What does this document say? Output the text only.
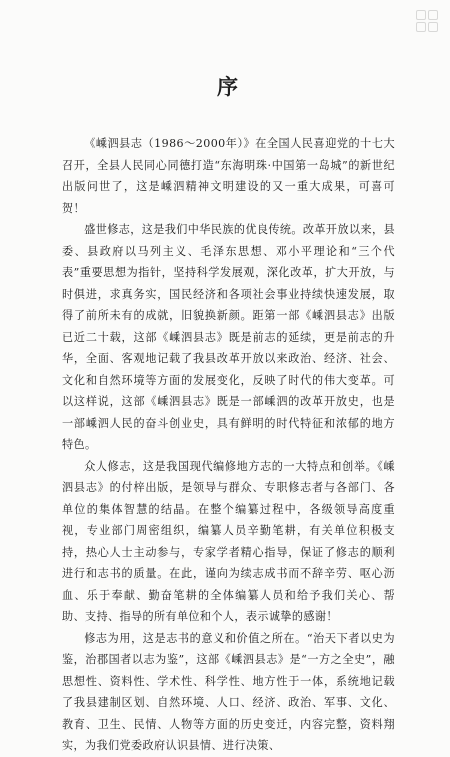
序

《嵊泗县志（1986～2000年）》在全国人民喜迎党的十七大召开，全县人民同心同德打造“东海明珠·中国第一岛城”的新世纪出版问世了，这是嵊泗精神文明建设的又一重大成果，可喜可贺！

盛世修志，这是我们中华民族的优良传统。改革开放以来，县委、县政府以马列主义、毛泽东思想、邓小平理论和“三个代表”重要思想为指针，坚持科学发展观，深化改革，扩大开放，与时俱进，求真务实，国民经济和各项社会事业持续快速发展，取得了前所未有的成就，旧貌换新颜。距第一部《嵊泗县志》出版已近二十载，这部《嵊泗县志》既是前志的延续，更是前志的升华，全面、客观地记载了我县改革开放以来政治、经济、社会、文化和自然环境等方面的发展变化，反映了时代的伟大变革。可以这样说，这部《嵊泗县志》既是一部嵊泗的改革开放史，也是一部嵊泗人民的奋斗创业史，具有鲜明的时代特征和浓郁的地方特色。

众人修志，这是我国现代编修地方志的一大特点和创举。《嵊泗县志》的付梓出版，是领导与群众、专职修志者与各部门、各单位的集体智慧的结晶。在整个编纂过程中，各级领导高度重视，专业部门周密组织，编纂人员辛勤笔耕，有关单位积极支持，热心人士主动参与，专家学者精心指导，保证了修志的顺利进行和志书的质量。在此，谨向为续志成书而不辞辛劳、呕心沥血、乐于奉献、勤奋笔耕的全体编纂人员和给予我们关心、帮助、支持、指导的所有单位和个人，表示诚挚的感谢！

修志为用，这是志书的意义和价值之所在。“治天下者以史为鉴，治郡国者以志为鉴”，这部《嵊泗县志》是“一方之全史”，融思想性、资料性、学术性、科学性、地方性于一体，系统地记载了我县建制区划、自然环境、人口、经济、政治、军事、文化、教育、卫生、民情、人物等方面的历史变迁，内容完整，资料翔实，为我们党委政府认识县情、进行决策、
